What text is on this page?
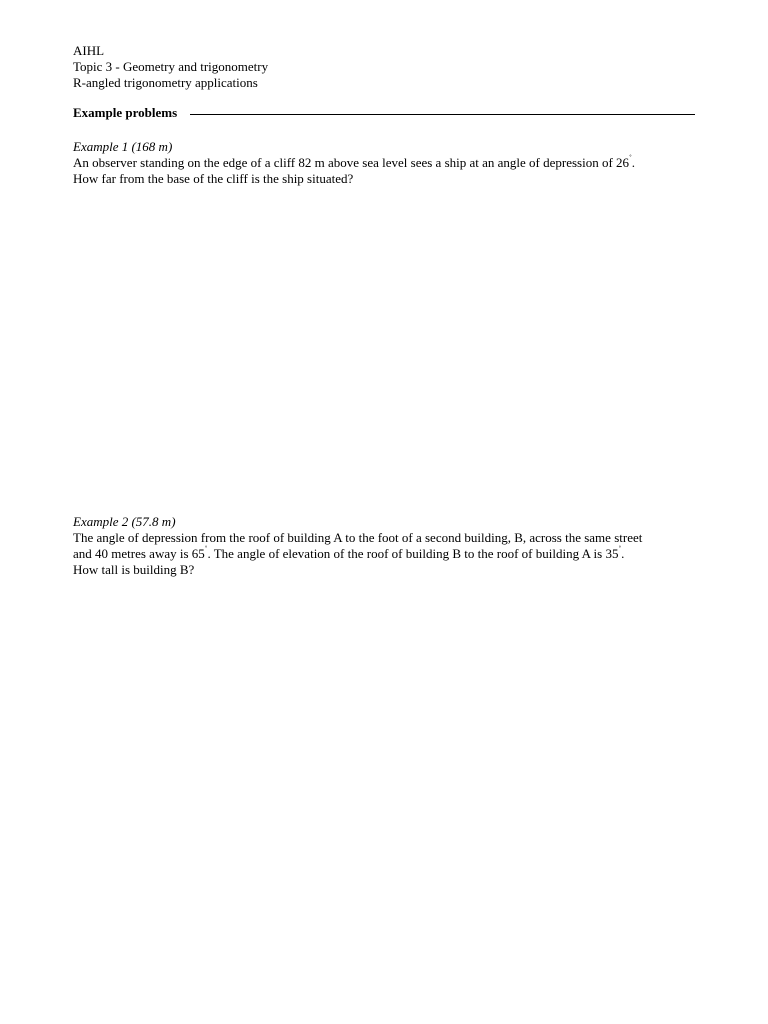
AIHL
Topic 3 - Geometry and trigonometry
R-angled trigonometry applications
Example problems
Example 1 (168 m)
An observer standing on the edge of a cliff 82 m above sea level sees a ship at an angle of depression of 26˚.
How far from the base of the cliff is the ship situated?
Example 2 (57.8 m)
The angle of depression from the roof of building A to the foot of a second building, B, across the same street
and 40 metres away is 65˚. The angle of elevation of the roof of building B to the roof of building A is 35˚.
How tall is building B?
